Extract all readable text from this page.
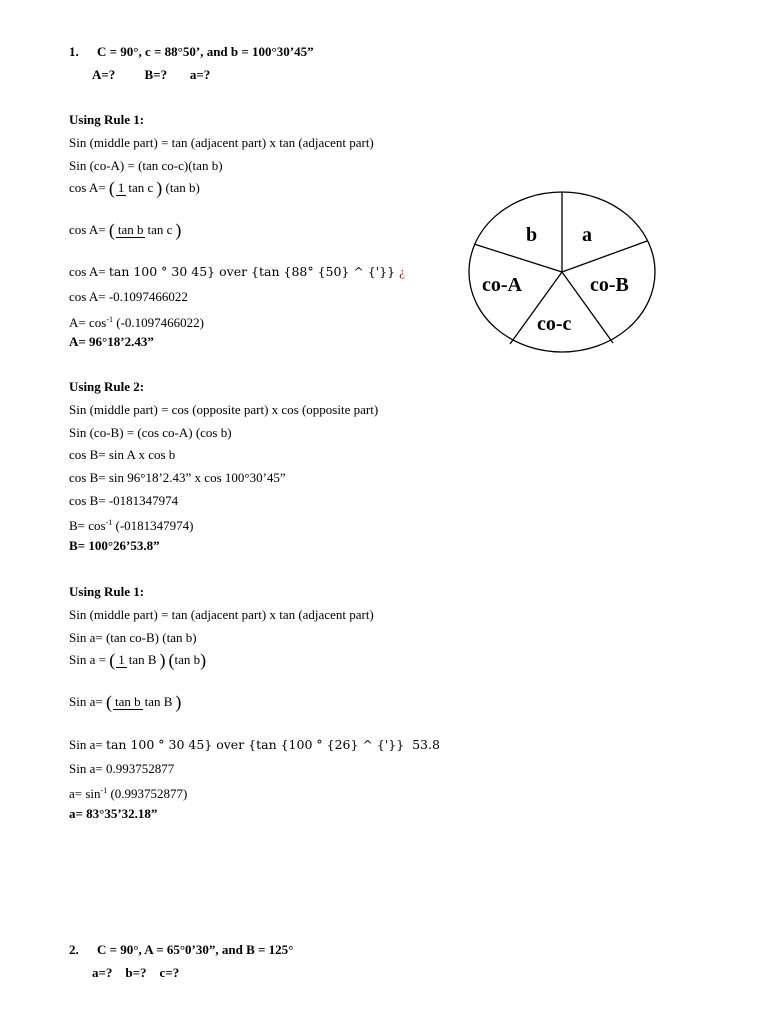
1. C = 90°, c = 88°50’, and b = 100°30’45”
A=?         B=?       a=?
Using Rule 1:
Sin (middle part) = tan (adjacent part) x tan (adjacent part)
Sin (co-A) = (tan co-c)(tan b)
cos A= ( 1 tan c ) (tan b)
cos A= ( tan b tan c )
cos A= tan 100 ° 30 45} over {tan {88° {50} ^ {'}} ¿
cos A= -0.1097466022
$A= \cos^{-1} (-0.1097466022)$
A= 96°18’2.43”
Using Rule 2:
Sin (middle part) = cos (opposite part) x cos (opposite part)
Sin (co-B) = (cos co-A) (cos b)
cos B= sin A x cos b
cos B= sin 96°18’2.43” x cos 100°30’45”
cos B= -0181347974
$B= \cos^{-1} (-0181347974)$
B= 100°26’53.8”
Using Rule 1:
Sin (middle part) = tan (adjacent part) x tan (adjacent part)
Sin a= (tan co-B) (tan b)
Sin a = ( 1 tan B ) ( tan b )
Sin a= ( tan b tan B )
Sin a= tan 100 ° 30 45} over {tan {100 ° {26} ^ {'}}  53.8
Sin a= 0.993752877
$a= \sin^{-1} (0.993752877)$
a= 83°35’32.18”
2. C = 90°, A = 65°0’30”, and B = 125°
a=?    b=?    c=?
b a
co-B
co-c
co-A
